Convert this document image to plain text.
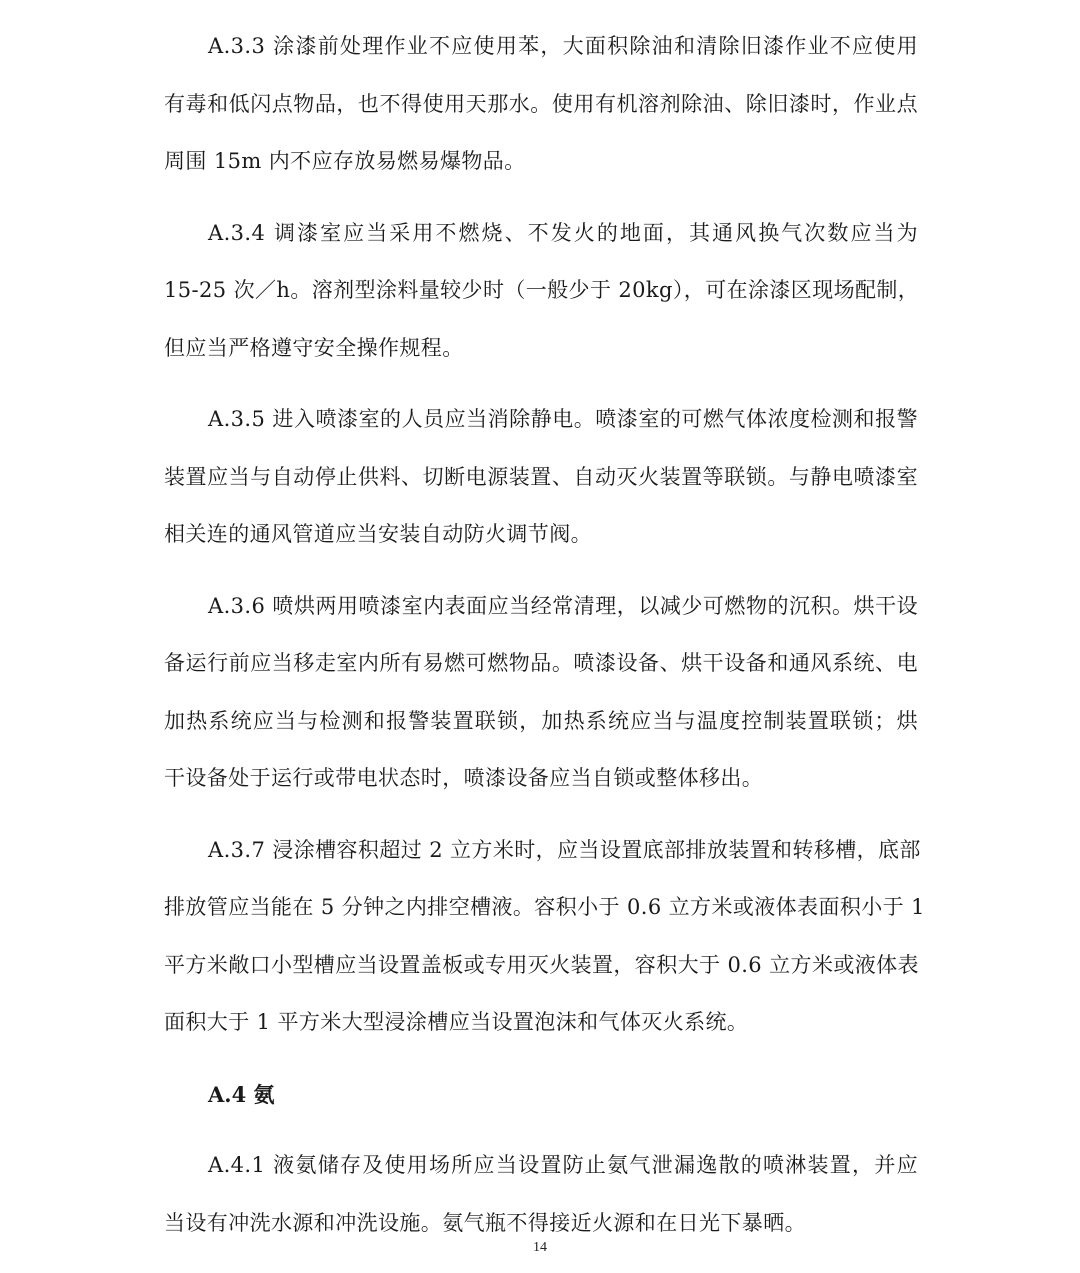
A.3.3 涂漆前处理作业不应使用苯，大面积除油和清除旧漆作业不应使用
有毒和低闪点物品，也不得使用天那水。使用有机溶剂除油、除旧漆时，作业点
周围 15m 内不应存放易燃易爆物品。
A.3.4 调漆室应当采用不燃烧、不发火的地面，其通风换气次数应当为
15-25 次／h。溶剂型涂料量较少时（一般少于 20kg），可在涂漆区现场配制，
但应当严格遵守安全操作规程。
A.3.5 进入喷漆室的人员应当消除静电。喷漆室的可燃气体浓度检测和报警
装置应当与自动停止供料、切断电源装置、自动灭火装置等联锁。与静电喷漆室
相关连的通风管道应当安装自动防火调节阀。
A.3.6 喷烘两用喷漆室内表面应当经常清理，以减少可燃物的沉积。烘干设
备运行前应当移走室内所有易燃可燃物品。喷漆设备、烘干设备和通风系统、电
加热系统应当与检测和报警装置联锁，加热系统应当与温度控制装置联锁；烘
干设备处于运行或带电状态时，喷漆设备应当自锁或整体移出。
A.3.7 浸涂槽容积超过 2 立方米时，应当设置底部排放装置和转移槽，底部
排放管应当能在 5 分钟之内排空槽液。容积小于 0.6 立方米或液体表面积小于 1
平方米敞口小型槽应当设置盖板或专用灭火装置，容积大于 0.6 立方米或液体表
面积大于 1 平方米大型浸涂槽应当设置泡沫和气体灭火系统。
A.4 氨
A.4.1 液氨储存及使用场所应当设置防止氨气泄漏逸散的喷淋装置，并应
当设有冲洗水源和冲洗设施。氨气瓶不得接近火源和在日光下暴晒。
14
